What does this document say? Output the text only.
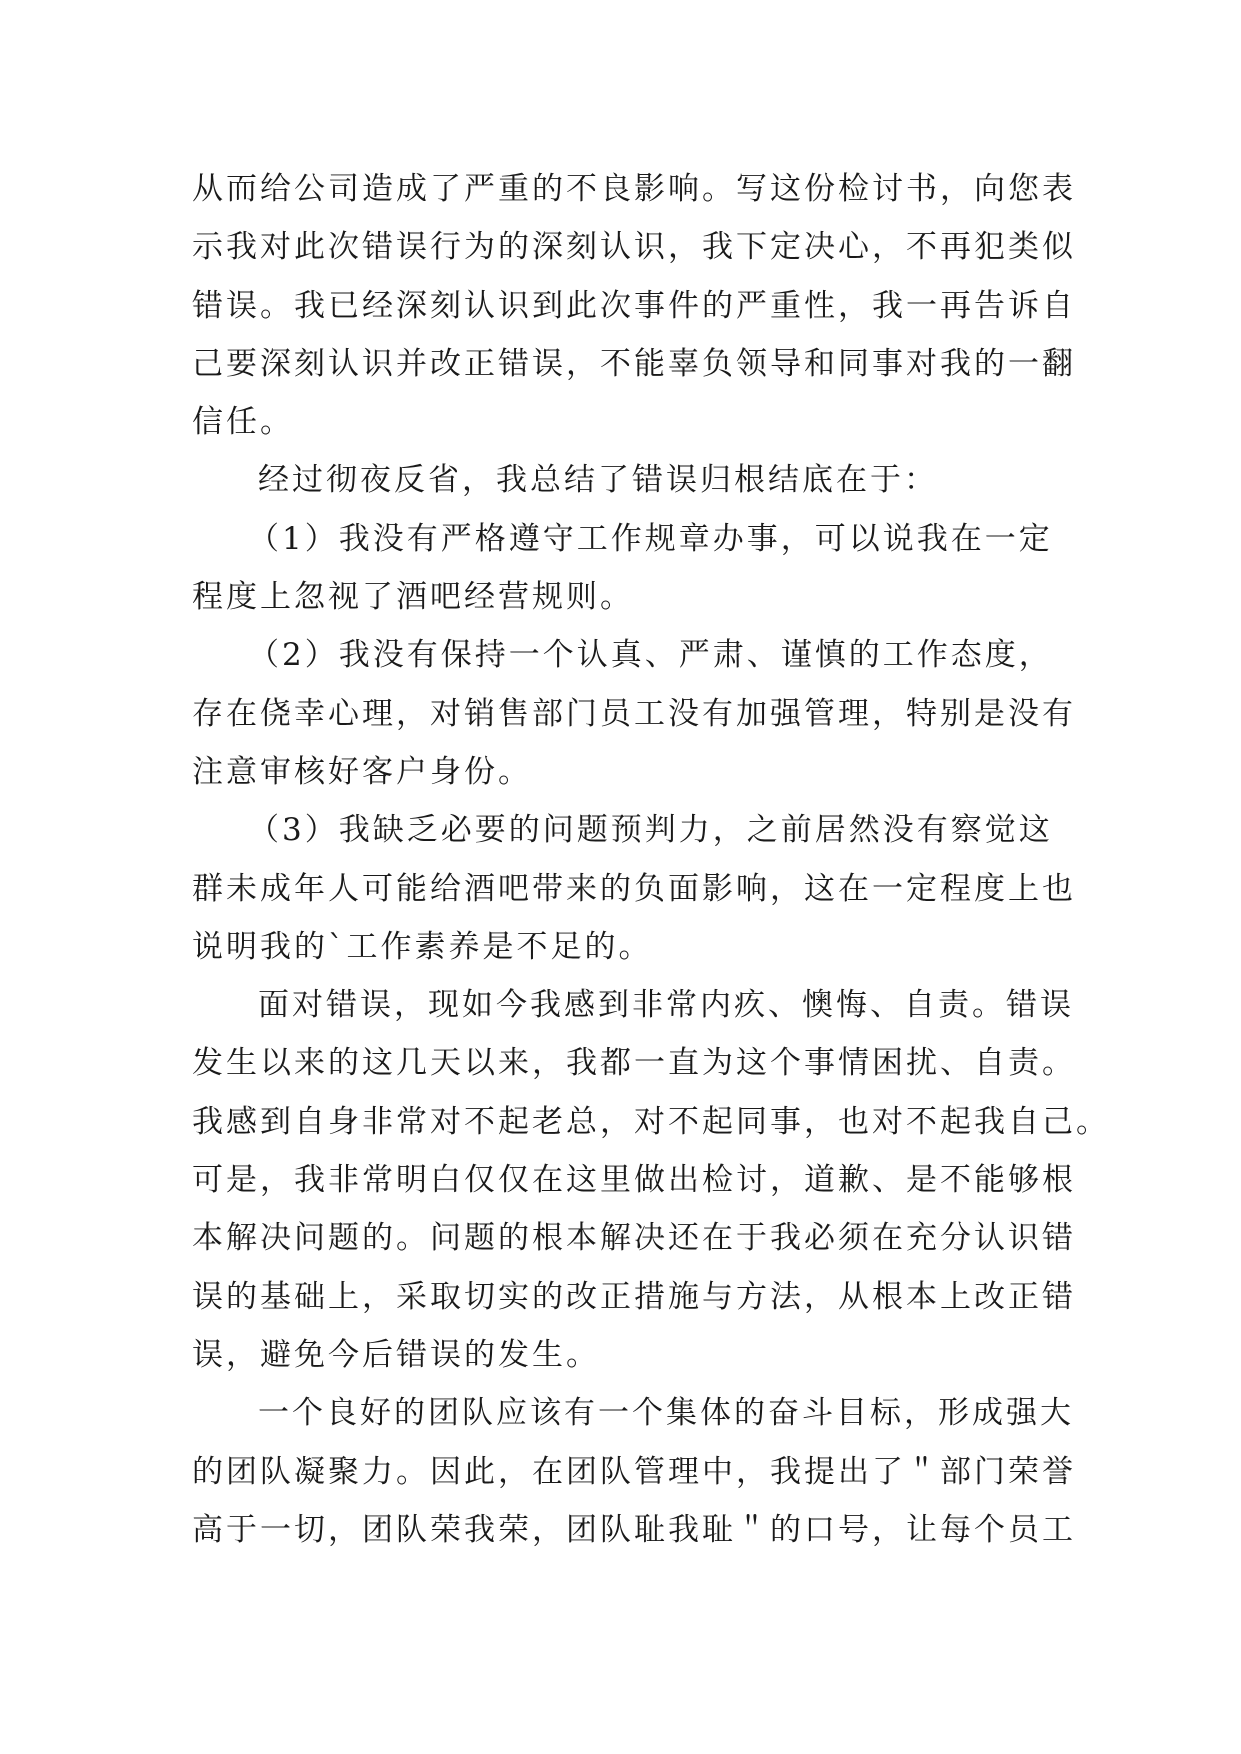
从而给公司造成了严重的不良影响。写这份检讨书，向您表
示我对此次错误行为的深刻认识，我下定决心，不再犯类似
错误。我已经深刻认识到此次事件的严重性，我一再告诉自
己要深刻认识并改正错误，不能辜负领导和同事对我的一翻
信任。
经过彻夜反省，我总结了错误归根结底在于：
（1）我没有严格遵守工作规章办事，可以说我在一定
程度上忽视了酒吧经营规则。
（2）我没有保持一个认真、严肃、谨慎的工作态度，
存在侥幸心理，对销售部门员工没有加强管理，特别是没有
注意审核好客户身份。
（3）我缺乏必要的问题预判力，之前居然没有察觉这
群未成年人可能给酒吧带来的负面影响，这在一定程度上也
说明我的`工作素养是不足的。
面对错误，现如今我感到非常内疚、懊悔、自责。错误
发生以来的这几天以来，我都一直为这个事情困扰、自责。
我感到自身非常对不起老总，对不起同事，也对不起我自己。
可是，我非常明白仅仅在这里做出检讨，道歉、是不能够根
本解决问题的。问题的根本解决还在于我必须在充分认识错
误的基础上，采取切实的改正措施与方法，从根本上改正错
误，避免今后错误的发生。
一个良好的团队应该有一个集体的奋斗目标，形成强大
的团队凝聚力。因此，在团队管理中，我提出了＂部门荣誉
高于一切，团队荣我荣，团队耻我耻＂的口号，让每个员工
